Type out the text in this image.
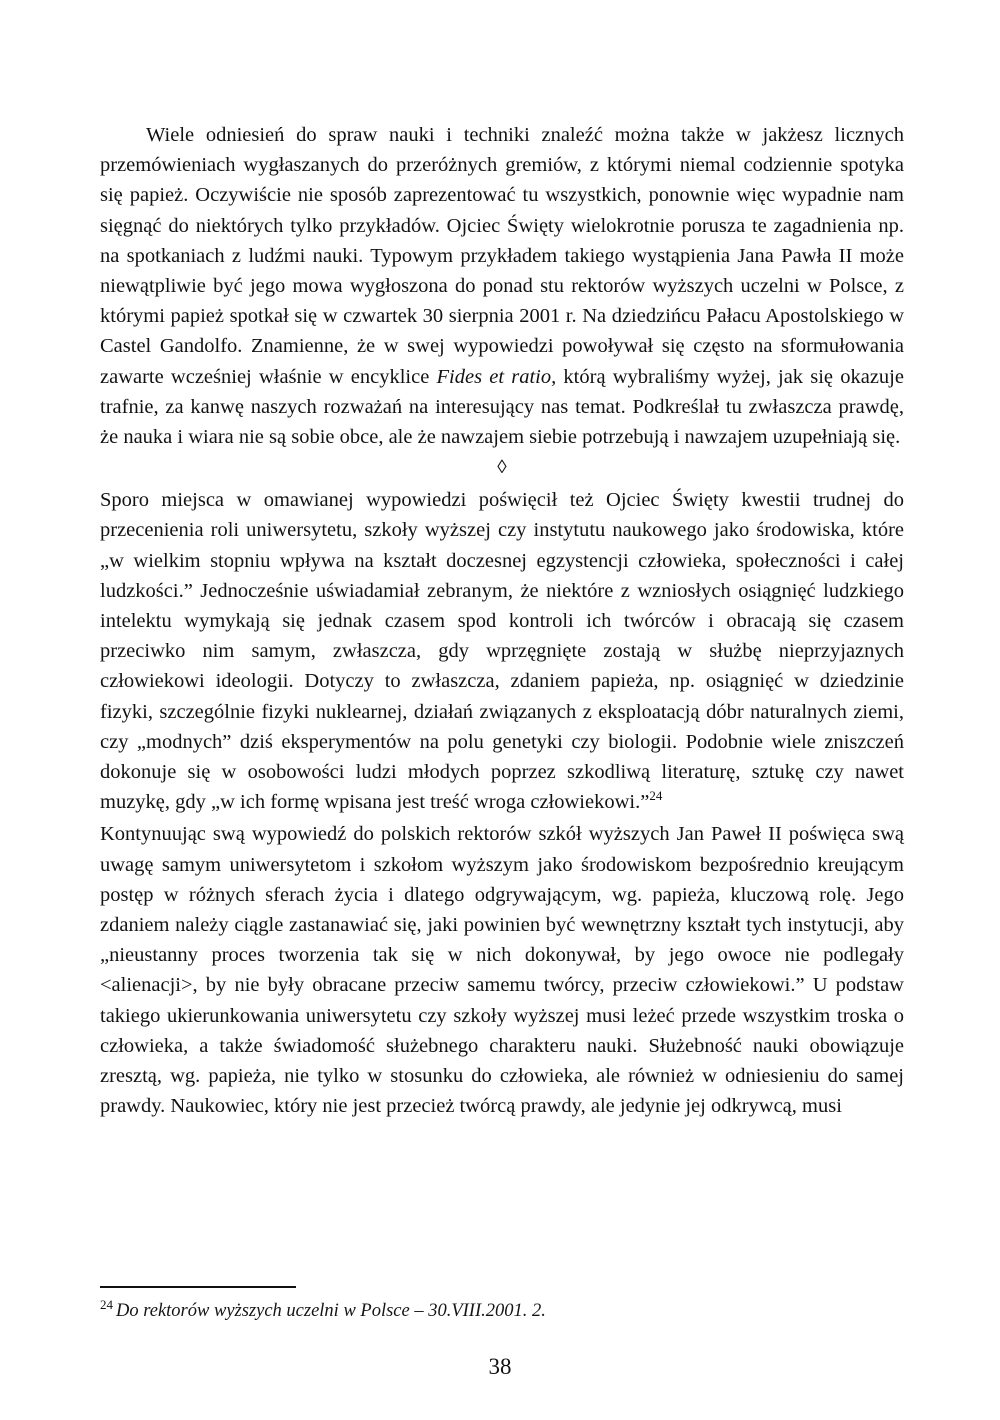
Wiele odniesień do spraw nauki i techniki znaleźć można także w jakżesz licznych przemówieniach wygłaszanych do przeróżnych gremiów, z którymi niemal codziennie spotyka się papież. Oczywiście nie sposób zaprezentować tu wszystkich, ponownie więc wypadnie nam sięgnąć do niektórych tylko przykładów. Ojciec Święty wielokrotnie porusza te zagadnienia np. na spotkaniach z ludźmi nauki. Typowym przykładem takiego wystąpienia Jana Pawła II może niewątpliwie być jego mowa wygłoszona do ponad stu rektorów wyższych uczelni w Polsce, z którymi papież spotkał się w czwartek 30 sierpnia 2001 r. Na dziedzińcu Pałacu Apostolskiego w Castel Gandolfo. Znamienne, że w swej wypowiedzi powoływał się często na sformułowania zawarte wcześniej właśnie w encyklice Fides et ratio, którą wybraliśmy wyżej, jak się okazuje trafnie, za kanwę naszych rozważań na interesujący nas temat. Podkreślał tu zwłaszcza prawdę, że nauka i wiara nie są sobie obce, ale że nawzajem siebie potrzebują i nawzajem uzupełniają się.

◊

Sporo miejsca w omawianej wypowiedzi poświęcił też Ojciec Święty kwestii trudnej do przecenienia roli uniwersytetu, szkoły wyższej czy instytutu naukowego jako środowiska, które „w wielkim stopniu wpływa na kształt doczesnej egzystencji człowieka, społeczności i całej ludzkości.” Jednocześnie uświadamiał zebranym, że niektóre z wzniosłych osiągnięć ludzkiego intelektu wymykają się jednak czasem spod kontroli ich twórców i obracają się czasem przeciwko nim samym, zwłaszcza, gdy wprzęgnięte zostają w służbę nieprzyjaznych człowiekowi ideologii. Dotyczy to zwłaszcza, zdaniem papieża, np. osiągnięć w dziedzinie fizyki, szczególnie fizyki nuklearnej, działań związanych z eksploatacją dóbr naturalnych ziemi, czy „modnych” dziś eksperymentów na polu genetyki czy biologii. Podobnie wiele zniszczeń dokonuje się w osobowości ludzi młodych poprzez szkodliwą literaturę, sztukę czy nawet muzykę, gdy „w ich formę wpisana jest treść wroga człowiekowi.”$^{24}$

Kontynuując swą wypowiedź do polskich rektorów szkół wyższych Jan Paweł II poświęca swą uwagę samym uniwersytetom i szkołom wyższym jako środowiskom bezpośrednio kreującym postęp w różnych sferach życia i dlatego odgrywającym, wg. papieża, kluczową rolę. Jego zdaniem należy ciągle zastanawiać się, jaki powinien być wewnętrzny kształt tych instytucji, aby „nieustanny proces tworzenia tak się w nich dokonywał, by jego owoce nie podlegały <alienacji>, by nie były obracane przeciw samemu twórcy, przeciw człowiekowi.” U podstaw takiego ukierunkowania uniwersytetu czy szkoły wyższej musi leżeć przede wszystkim troska o człowieka, a także świadomość służebnego charakteru nauki. Służebność nauki obowiązuje zresztą, wg. papieża, nie tylko w stosunku do człowieka, ale również w odniesieniu do samej prawdy. Naukowiec, który nie jest przecież twórcą prawdy, ale jedynie jej odkrywcą, musi

$^{24}$ Do rektorów wyższych uczelni w Polsce – 30.VIII.2001. 2.
38
